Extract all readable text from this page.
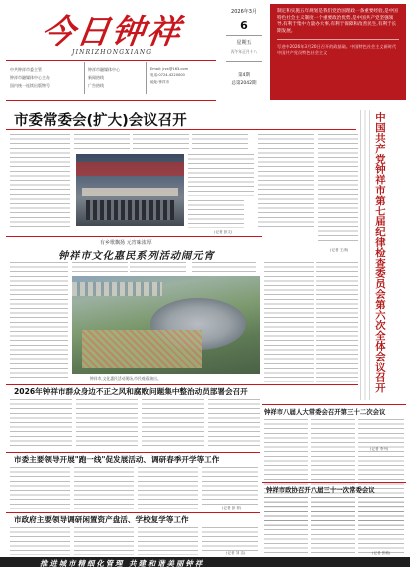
今日钟祥
JINRIZHONGXIANG
中共钟祥市委主管
钟祥市融媒体中心主办
国内统一连续出版物号
钟祥市融媒体中心
新闻热线
广告热线
Email: jrzx@163.com
电话:0724-4220000
地址:钟祥市
2026年3月
6
星期五
丙午年正月十八
第4期
总第2042期
制定和实施五年规划是我们党治国理政一条重要经验,是中国特色社会主义制度一个重要政治优势,是中国共产党坚强领导,有利于集中力量办大事,有利于保障和改善民生,有利于长期发展。
写进中2026年3月20日召开的政基础。中国特色社会主义新时代中国共产党员特色社会主义
市委常委会(扩大)会议召开	中国共产党钟祥市第七届纪律检查委员会第六次全体会议召开
(记者 彭文)
(记者 王涛)
有乡歌飘扬 元宵味浓厚
钟祥市文化惠民系列活动闹元宵
钟祥市,文化惠民活动现场,市民观看演出。
2026年钟祥市群众身边不正之风和腐败问题集中整治动员部署会召开
钟祥市八届人大常委会召开第三十二次会议
(记者 李丹)
市委主要领导开展"跑一线"促发展活动、调研春季开学等工作
(记者 彭 菲)
市政府主要领导调研闲置资产盘活、学校复学等工作
(记者 刘 洁)
钟祥市政协召开八届三十一次常委会议
(记者 张敏)
推进城市精细化管理 共建和谐美丽钟祥
